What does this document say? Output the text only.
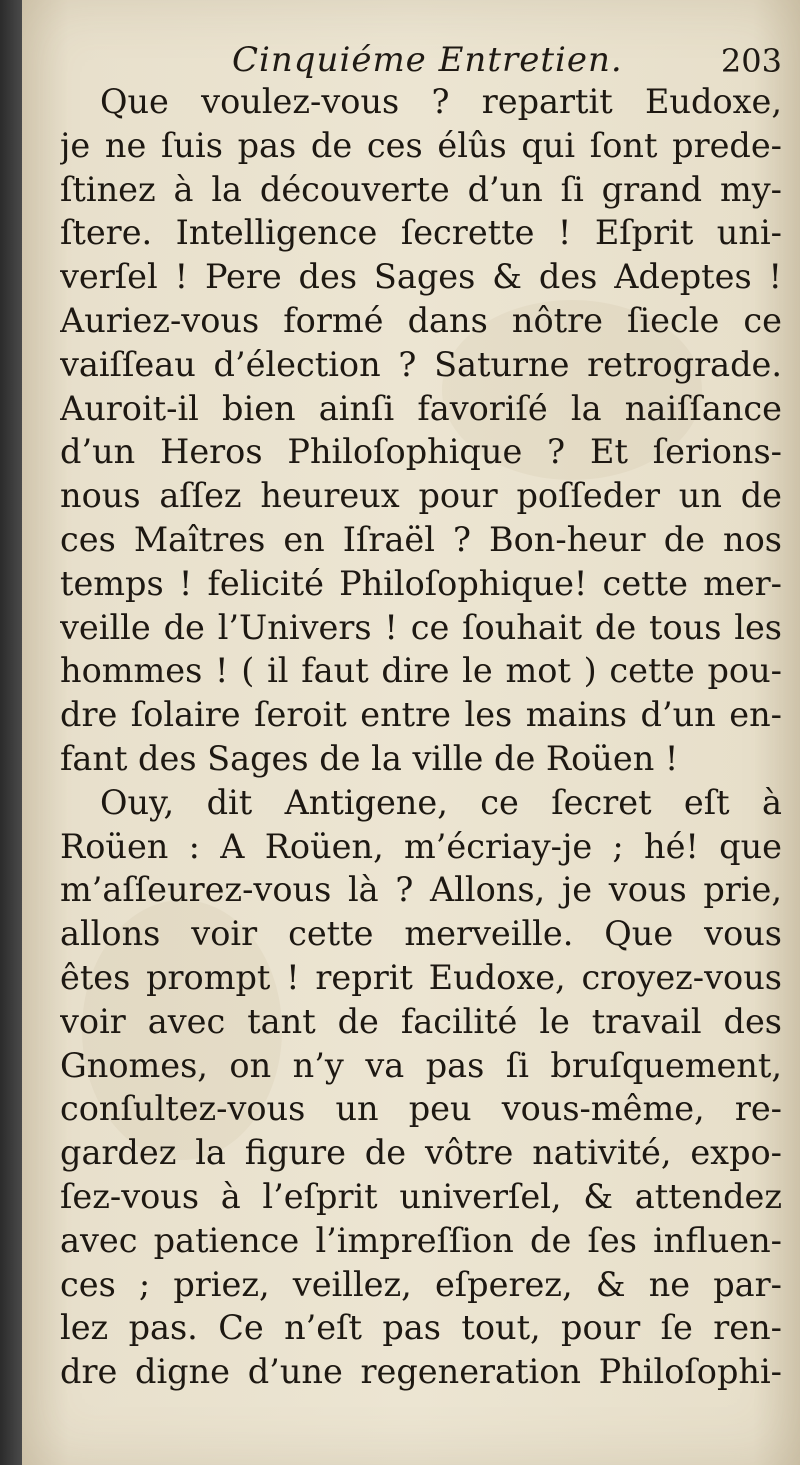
Cinquiéme Entretien.	203
Que voulez-vous ? repartit Eudoxe,
je ne ſuis pas de ces élûs qui ſont prede-
ſtinez à la découverte d’un ſi grand my-
ſtere. Intelligence ſecrette ! Eſprit uni-
verſel ! Pere des Sages & des Adeptes !
Auriez-vous formé dans nôtre ſiecle ce
vaiſſeau d’élection ? Saturne retrograde.
Auroit-il bien ainſi favoriſé la naiſſance
d’un Heros Philoſophique ? Et ſerions-
nous aſſez heureux pour poſſeder un de
ces Maîtres en Iſraël ? Bon-heur de nos
temps ! felicité Philoſophique! cette mer-
veille de l’Univers ! ce ſouhait de tous les
hommes ! ( il faut dire le mot ) cette pou-
dre ſolaire ſeroit entre les mains d’un en-
fant des Sages de la ville de Roüen !
Ouy, dit Antigene, ce ſecret eſt à
Roüen : A Roüen, m’écriay-je ; hé! que
m’aſſeurez-vous là ? Allons, je vous prie,
allons voir cette merveille. Que vous
êtes prompt ! reprit Eudoxe, croyez-vous
voir avec tant de facilité le travail des
Gnomes, on n’y va pas ſi bruſquement,
conſultez-vous un peu vous-même, re-
gardez la figure de vôtre nativité, expo-
ſez-vous à l’eſprit univerſel, & attendez
avec patience l’impreſſion de ſes influen-
ces ; priez, veillez, eſperez, & ne par-
lez pas. Ce n’eſt pas tout, pour ſe ren-
dre digne d’une regeneration Philoſophi-
